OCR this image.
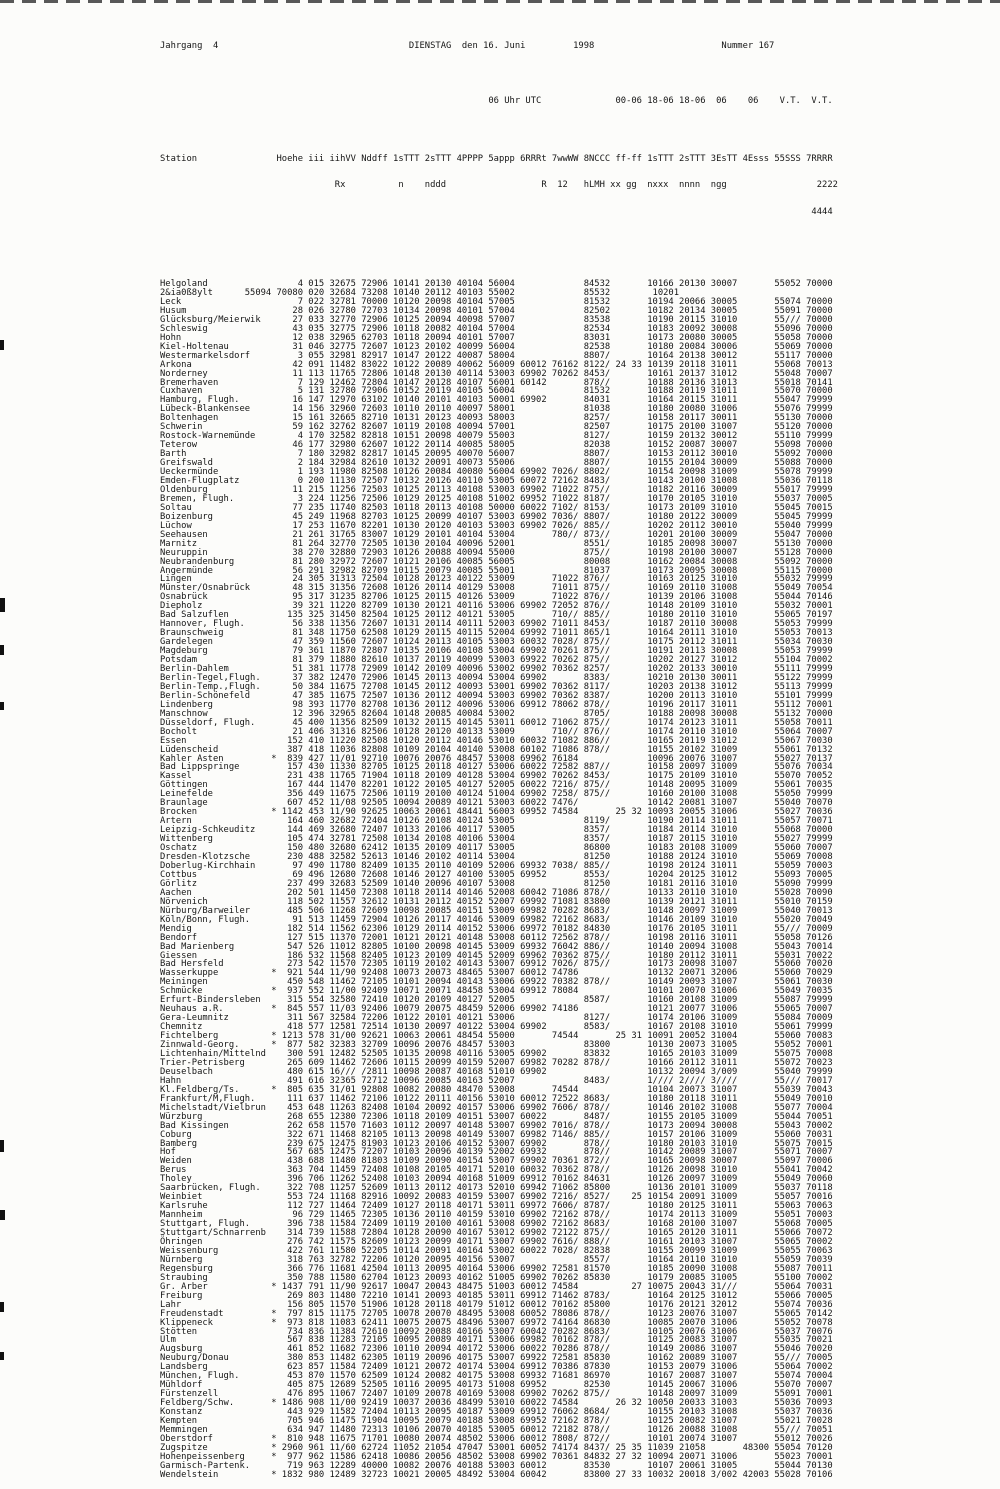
Jahrgang  4                                    DIENSTAG  den 16. Juni         1998                        Nummer 167

06 Uhr UTC              00-06 18-06 18-06  06    06    V.T.  V.T.

Station               Hoehe iii iihVV Nddff 1sTTT 2sTTT 4PPPP 5appp 6RRRt 7wwWW 8NCCC ff-ff 1sTTT 2sTTT 3EsTT 4Esss 55SSS 7RRRR

Rx          n    nddd                  R  12   hLMH xx gg  nxxx  nnnn  ngg                 2222

4444

Helgoland                 4 015 32675 72906 10141 20130 40104 56004             84532       10166 20130 30007       55052 70000
2&ia0ß8ylt      55094 70080 020 32684 73208 10140 20112 40103 55002             85532        10201
Leck                      7 022 32781 70000 10120 20098 40104 57005             81532       10194 20066 30005       55074 70000
Husum                    28 026 32780 72703 10134 20098 40101 57004             82502       10182 20134 30005       55091 70000
Glücksburg/Meierwik      27 033 32770 72906 10125 20094 40098 57007             83538       10190 20115 31010       55/// 70000
Schleswig                43 035 32775 72906 10118 20082 40104 57004             82534       10183 20092 30008       55096 70000
Hohn                     12 038 32965 62703 10118 20094 40101 57007             83031       10173 20080 30005       55058 70000
Kiel-Holtenau            31 046 32775 72607 10123 20102 40099 56004             82538       10180 20084 30006       55069 70000
Westermarkelsdorf         3 055 32981 82917 10147 20122 40087 58004             8807/       10164 20138 30012       55117 70000
Arkona                   42 091 11482 83022 10122 20089 40062 56009 60012 76162 8122/ 24 33 10139 20118 31011       55068 70013
Norderney                11 113 11765 72806 10148 20130 40114 53003 69902 70262 8453/       10161 20137 31012       55048 70007
Bremerhaven               7 129 12462 72804 10147 20128 40107 56001 60142       878//       10188 20136 31013       55018 70141
Cuxhaven                  5 131 32780 72906 10152 20119 40105 56004             81532       10188 20119 31011       55070 70000
Hamburg, Flugh.          16 147 12970 63102 10140 20101 40103 50001 69902       84031       10164 20115 31011       55047 79999
Lübeck-Blankensee        14 156 32960 72603 10110 20110 40097 58001             81038       10180 20080 31006       55076 79999
Boltenhagen              15 161 32665 82710 10131 20123 40093 58003             8257/       10158 20117 30011       55130 70000
Schwerin                 59 162 32762 82607 10119 20108 40094 57001             82507       10175 20100 31007       55120 70000
Rostock-Warnemünde        4 170 32582 82818 10151 20098 40079 55003             8127/       10159 20132 30012       55110 79999
Teterow                  46 177 32980 62607 10122 20114 40085 58005             82038       10152 20087 30007       55098 70000
Barth                     7 180 32982 82817 10145 20095 40070 56007             8807/       10153 20112 30010       55092 70000
Greifswald                2 184 32984 82610 10132 20091 40073 55006             8807/       10155 20104 30009       55088 70000
Ueckermünde               1 193 11980 82508 10126 20084 40080 56004 69902 7026/ 8802/       10154 20098 31009       55078 79999
Emden-Flugplatz           0 200 11130 72507 10132 20126 40110 53005 60072 72162 8483/       10143 20100 31008       55036 70118
Oldenburg                11 215 11256 72503 10125 20113 40108 53003 69902 71022 875//       10182 20116 30009       55017 79999
Bremen, Flugh.            3 224 11256 72506 10129 20125 40108 51002 69952 71022 8187/       10170 20105 31010       55037 70005
Soltau                   77 235 11740 82503 10118 20113 40108 50000 60022 7102/ 8153/       10173 20109 31010       55045 70015
Boizenburg               45 249 11968 82703 10125 20099 40107 53003 69902 7036/ 8807/       10180 20122 30009       55045 79999
Lüchow                   17 253 11670 82201 10130 20120 40103 53003 69902 7026/ 885//       10202 20112 30010       55040 79999
Seehausen                21 261 31765 83007 10129 20101 40104 53004       780// 873//       10201 20100 30009       55047 70000
Marnitz                  81 264 32770 72505 10130 20104 40096 52001             8551/       10185 20098 30007       55130 70000
Neuruppin                38 270 32880 72903 10126 20088 40094 55000             875//       10198 20100 30007       55128 70000
Neubrandenburg           81 280 32972 72607 10121 20106 40085 56005             80008       10162 20084 30008       55092 70000
Angermünde               56 291 32982 82709 10115 20079 40085 55001             81037       10173 20095 30008       55115 70000
Lingen                   24 305 31313 72504 10128 20123 40122 53009       71022 876//       10163 20125 31010       55032 79999
Münster/Osnabrück        48 315 31356 72608 10126 20114 40129 53008       71011 875//       10169 20110 31008       55049 70054
Osnabrück                95 317 31235 82706 10125 20115 40126 53009       71022 876//       10139 20106 31008       55044 70146
Diepholz                 39 321 11220 82709 10130 20121 40116 53006 69902 72052 876//       10148 20109 31010       55032 70001
Bad Salzuflen           135 325 31450 82504 10125 20112 40121 53005       710// 885//       10180 20110 31010       55065 70197
Hannover, Flugh.         56 338 11356 72607 10131 20114 40111 52003 69902 71011 8453/       10187 20110 30008       55053 79999
Braunschweig             81 348 11750 62508 10129 20115 40115 52004 69992 71011 865/1       10164 20111 31010       55053 70013
Gardelegen               47 359 11560 72607 10124 20113 40105 53003 60032 7028/ 875//       10175 20112 31011       55034 70030
Magdeburg                79 361 11870 72807 10135 20106 40108 53004 69902 70261 875//       10191 20113 30008       55053 79999
Potsdam                  81 379 11880 82610 10137 20119 40099 53003 69922 70262 875//       10202 20127 31012       55104 70002
Berlin-Dahlem            51 381 11778 72909 10142 20109 40096 53002 69902 70362 8257/       10202 20133 30010       55111 79999
Berlin-Tegel,Flugh.      37 382 12470 72906 10145 20113 40094 53004 69902       8383/       10210 20130 30011       55122 79999
Berlin-Temp.,Flugh.      50 384 11675 72708 10145 20112 40093 53001 69902 70362 8117/       10203 20138 31012       55113 79999
Berlin-Schönefeld        47 385 11675 72507 10136 20112 40094 53003 69902 70362 8387/       10200 20113 31010       55101 79999
Lindenberg               98 393 11770 82708 10136 20112 40096 53006 69912 78062 878//       10196 20117 31011       55112 70001
Manschnow                12 396 32965 82604 10148 20085 40084 53002             8705/       10188 20098 30008       55132 70000
Düsseldorf, Flugh.       45 400 11356 82509 10132 20115 40145 53011 60012 71062 875//       10174 20123 31011       55058 70011
Bocholt                  21 406 31316 82506 10128 20120 40133 53009       710// 876//       10174 20110 31010       55064 70007
Essen                   152 410 11220 82508 10120 20112 40146 53010 60032 71082 886//       10165 20119 31012       55067 70030
Lüdenscheid             387 418 11036 82808 10109 20104 40140 53008 60102 71086 878//       10155 20102 31009       55061 70132
Kahler Asten         *  839 427 11/01 92710 10076 20076 48457 53008 69962 76184             10096 20076 31007       55027 70137
Bad Lippspringe         157 430 11330 82705 10125 20118 40127 53006 60022 72582 887//       10158 20097 31009       55076 70034
Kassel                  231 438 11765 71904 10118 20109 40128 53004 69902 70262 8453/       10175 20109 31010       55070 70052
Göttingen               167 444 11470 82201 10122 20105 40127 52005 60022 7216/ 875//       10148 20095 31009       55061 70035
Leinefelde              356 449 11675 72506 10119 20100 40124 51004 69902 7258/ 875//       10160 20100 31008       55050 79999
Braunlage               607 452 11/08 92505 10094 20089 40121 53003 60022 7476/             10142 20081 31007       55040 70070
Brocken              * 1142 453 11/90 92625 10063 20061 48441 56003 69952 74584       25 32 10093 20055 31006       55027 70036
Artern                  164 460 32682 72404 10126 20108 40124 53005             8119/       10190 20114 31011       55057 70071
Leipzig-Schkeuditz      144 469 32680 72407 10133 20106 40117 53005             8357/       10184 20114 31010       55068 70000
Wittenberg              105 474 32781 72508 10134 20108 40106 53004             8357/       10187 20115 31010       55027 79999
Oschatz                 150 480 32680 62412 10135 20109 40117 53005             86800       10183 20108 31009       55060 70007
Dresden-Klotzsche       230 488 32582 52613 10146 20102 40114 53004             81250       10188 20124 31010       55069 70008
Doberlug-Kirchhain       97 490 11780 82409 10135 20110 40109 52006 69932 7038/ 885//       10198 20124 31011       55059 70003
Cottbus                  69 496 12680 72608 10146 20127 40100 53005 69952       8553/       10204 20125 31012       55093 70005
Görlitz                 237 499 32683 52509 10140 20096 40107 53008             81250       10181 20116 31010       55090 79999
Aachen                  202 501 11450 72308 10118 20114 40146 52008 60042 71086 878//       10133 20110 31010       55028 70090
Nörvenich               118 502 11557 32612 10131 20112 40152 52007 69992 71081 83800       10139 20121 31011       55010 70159
Nürburg/Barweiler       485 506 11268 72609 10098 20085 40151 53009 69982 70282 8683/       10148 20097 31009       55040 70013
Köln/Bonn, Flugh.        91 513 11459 72904 10126 20117 40146 53009 69982 72162 8683/       10146 20109 31010       55020 70049
Mendig                  182 514 11562 62306 10129 20114 40152 53006 69972 70182 84830       10176 20105 31011       55/// 70009
Bendorf                 127 515 11370 72001 10121 20121 40148 53008 60112 72562 878//       10198 20116 31011       55058 70126
Bad Marienberg          547 526 11012 82805 10100 20098 40145 53009 69932 76042 886//       10140 20094 31008       55043 70014
Giessen                 186 532 11568 82405 10123 20109 40145 52009 69962 70362 875//       10180 20112 31011       55031 70022
Bad Hersfeld            273 542 11570 72305 10119 20102 40143 53007 69912 7026/ 875//       10173 20098 31007       55060 70020
Wasserkuppe          *  921 544 11/90 92408 10073 20073 48465 53007 60012 74786             10132 20071 32006       55060 70029
Meiningen               450 548 11462 72105 10101 20094 40143 53006 69922 70382 878//       10149 20093 31007       55061 70030
Schmücke             *  937 552 11/00 92409 10071 20071 48458 53004 69912 78084             10101 20070 31006       55049 70035
Erfurt-Bindersleben     315 554 32580 72410 10120 20109 40127 52005             8587/       10160 20108 31009       55087 79999
Neuhaus a.R.         *  845 557 11/03 92406 10079 20075 48459 52006 69902 74186             10121 20077 31006       55065 70007
Gera-Leumnitz           311 567 32584 72206 10122 20101 40121 53006             8127/       10174 20106 31009       55084 70009
Chemnitz                418 577 12581 72514 10130 20097 40122 53004 69902       8583/       10167 20108 31010       55061 79999
Fichtelberg          * 1213 578 31/00 92621 10063 20061 48454 55000       74544       25 31 10091 20052 31004       55060 70083
Zinnwald-Georg.      *  877 582 32383 32709 10096 20076 48457 53003             83800       10130 20073 31005       55052 70001
Lichtenhain/Mittelnd    300 591 12482 52505 10135 20098 40116 53005 69902       83832       10165 20103 31009       55075 70008
Trier-Petrisberg        265 609 11462 72606 10115 20099 40159 52007 69982 70282 878//       10166 20112 31011       55072 70023
Deuselbach              480 615 16/// /2811 10098 20087 40168 51010 69902                   10132 20094 3/009       55040 79999
Hahn                    491 616 32365 72712 10096 20085 40163 52007             8483/       1//// 2//// 3////       55/// 70017
Kl.Feldberg/Ts.      *  805 635 31/01 92808 10082 20080 48470 53008       74544             10104 20073 31007       55039 70043
Frankfurt/M,Flugh.      111 637 11462 72106 10122 20111 40156 53010 60012 72522 8683/       10180 20118 31011       55049 70010
Michelstadt/Vielbrun    453 648 11263 82408 10104 20092 40157 53006 69902 7606/ 878//       10146 20102 31008       55077 70004
Würzburg                268 655 12380 72306 10118 20109 40151 53007 60022       8487/       10155 20105 31009       55044 70051
Bad Kissingen           262 658 11570 71603 10112 20097 40148 53007 69902 7016/ 878//       10173 20094 30008       55043 70002
Coburg                  322 671 11468 82105 10113 20098 40149 53007 69982 7146/ 885//       10157 20106 31009       55060 70031
Bamberg                 239 675 12475 81903 10123 20106 40152 53007 69902       878//       10180 20103 31010       55075 70015
Hof                     567 685 12475 72207 10103 20096 40139 52002 69932       878//       10142 20089 31007       55071 70007
Weiden                  438 688 11480 81803 10109 20090 40154 53007 69902 70361 872//       10165 20098 30007       55097 70006
Berus                   363 704 11459 72408 10108 20105 40171 52010 60032 70362 878//       10126 20098 31010       55041 70042
Tholey                  396 706 11262 52408 10103 20094 40168 51009 69912 70162 84631       10126 20097 31009       55049 70060
Saarbrücken, Flugh.     322 708 11257 52609 10113 20112 40173 52010 69942 71062 85800       10136 20101 31009       55037 70118
Weinbiet                553 724 11168 82916 10092 20083 40159 53007 69902 7216/ 8527/    25 10154 20091 31009       55057 70016
Karlsruhe               112 727 11464 72409 10127 20118 40171 53011 69972 7606/ 8787/       10180 20125 31011       55063 70063
Mannheim                 96 729 11465 72305 10136 20110 40159 53010 69902 72162 878//       10174 20113 31009       55051 70003
Stuttgart, Flugh.       396 738 11584 72409 10119 20100 40161 53008 69902 72162 8683/       10168 20100 31007       55068 70005
Stuttgart/Schnarrenb    314 739 11588 72804 10128 20090 40167 53012 69902 72122 875//       10165 20120 31011       55066 70072
Öhringen                276 742 11575 82609 10123 20099 40171 53007 69902 7616/ 888//       10161 20103 31007       55065 70002
Weissenburg             422 761 11580 52205 10114 20091 40164 53002 60022 7028/ 82838       10155 20099 31009       55055 70063
Nürnberg                318 763 32782 72206 10120 20095 40156 53007             8557/       10164 20110 31010       55059 70039
Regensburg              366 776 11681 42504 10113 20095 40164 53006 69902 72581 81570       10185 20090 31008       55087 70011
Straubing               350 788 11580 62704 10123 20093 40162 51005 69902 70262 85830       10179 20085 31005       55100 70002
Gr. Arber            * 1437 791 11/90 92617 10047 20043 48475 51003 60012 74584          27 10075 20043 31///       55064 70031
Freiburg                269 803 11480 72210 10141 20093 40185 53011 69912 71462 8783/       10164 20125 31012       55066 70005
Lahr                    156 805 11570 51906 10128 20118 40179 51012 60012 70162 85800       10176 20121 32012       55074 70036
Freudenstadt         *  797 815 11175 72705 10078 20070 48495 53008 60052 78086 878//       10123 20076 31007       55065 70142
Klippeneck           *  973 818 11083 62411 10075 20075 48496 53007 69972 74164 86830       10085 20070 31006       55052 70078
Stötten                 734 836 11384 72610 10092 20088 40166 53007 60042 70282 8683/       10105 20076 31006       55037 70076
Ulm                     567 838 11283 72105 10095 20089 40171 53006 69982 70162 878//       10125 20083 31007       55035 70021
Augsburg                461 852 11682 72306 10110 20094 40172 53006 60022 70286 878//       10149 20086 31007       55046 70020
Neuburg/Donau           380 853 11482 62305 10119 20096 40175 53007 69922 72581 85830       10162 20089 31007       55/// 70005
Landsberg               623 857 11584 72409 10121 20072 40174 53004 69912 70386 87830       10153 20079 31006       55064 70002
München, Flugh.         453 870 11570 62509 10124 20082 40175 53008 69932 71681 86970       10167 20087 31007       55074 70004
Mühldorf                405 875 12689 52505 10116 20095 40173 51008 69952       82530       10145 20067 31006       55070 70007
Fürstenzell             476 895 11067 72407 10109 20078 40169 53008 69902 70262 875//       10148 20097 31009       55091 70001
Feldberg/Schw.       * 1486 908 11/00 92419 10037 20036 48499 53010 60022 74584       26 32 10050 20033 31003       55036 70093
Konstanz                443 929 11582 72404 10113 20095 40187 53009 69912 76062 8684/       10155 20103 31008       55037 70036
Kempten                 705 946 11475 71904 10095 20079 40188 53008 69952 72162 878//       10125 20082 31007       55021 70028
Memmingen               634 947 11480 72313 10106 20070 40185 53005 60012 72182 878//       10126 20088 31008       55/// 70051
Oberstdorf           *  810 948 11675 71701 10080 20074 48502 53006 60012 7808/ 872//       10101 20074 31007       55012 70026
Zugspitze            * 2960 961 11/60 62724 11052 21054 47047 53001 60052 74174 8437/ 25 35 11039 21058       48300 55054 70120
Hohenpeissenberg     *  977 962 11586 62418 10086 20056 48502 53008 69902 70361 84832 27 32 10094 20071 31006       55023 70001
Garmisch-Partenk.       719 963 12289 40000 10082 20076 40188 53003 60012       83530       10107 20061 31005       55044 70130
Wendelstein          * 1832 980 12489 32723 10021 20005 48492 53004 60042       83800 27 33 10032 20018 3/002 42003 55028 70106
